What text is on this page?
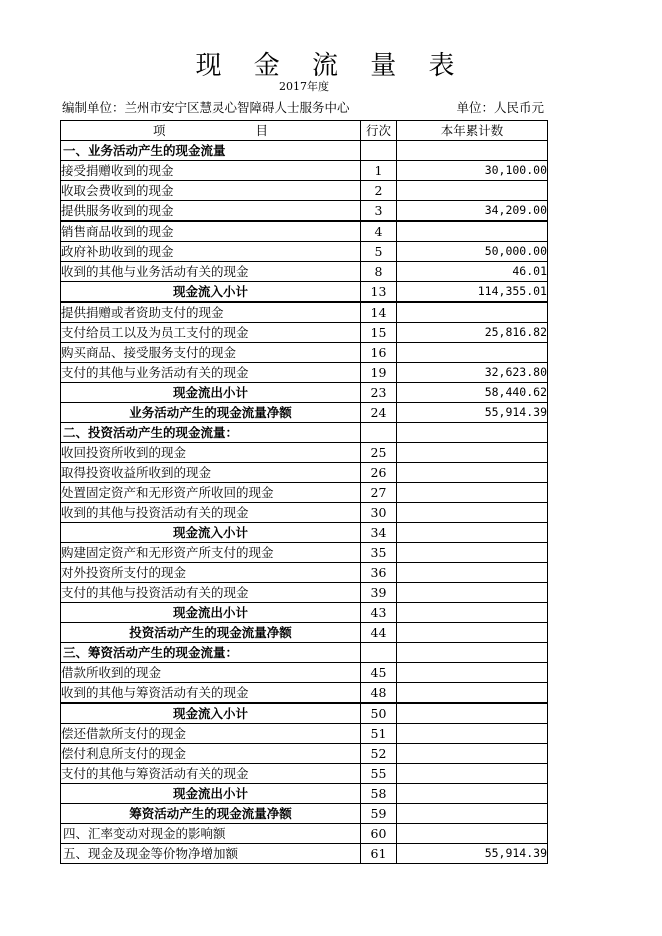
现 金 流 量 表
2017年度
编制单位：兰州市安宁区慧灵心智障碍人士服务中心	单位：人民币元
项 目	行次	本年累计数
一、业务活动产生的现金流量		
接受捐赠收到的现金	1	30,100.00
收取会费收到的现金	2	
提供服务收到的现金	3	34,209.00
销售商品收到的现金	4	
政府补助收到的现金	5	50,000.00
收到的其他与业务活动有关的现金	8	46.01
现金流入小计	13	114,355.01
提供捐赠或者资助支付的现金	14	
支付给员工以及为员工支付的现金	15	25,816.82
购买商品、接受服务支付的现金	16	
支付的其他与业务活动有关的现金	19	32,623.80
现金流出小计	23	58,440.62
业务活动产生的现金流量净额	24	55,914.39
二、投资活动产生的现金流量：		
收回投资所收到的现金	25	
取得投资收益所收到的现金	26	
处置固定资产和无形资产所收回的现金	27	
收到的其他与投资活动有关的现金	30	
现金流入小计	34	
购建固定资产和无形资产所支付的现金	35	
对外投资所支付的现金	36	
支付的其他与投资活动有关的现金	39	
现金流出小计	43	
投资活动产生的现金流量净额	44	
三、筹资活动产生的现金流量：		
借款所收到的现金	45	
收到的其他与筹资活动有关的现金	48	
现金流入小计	50	
偿还借款所支付的现金	51	
偿付利息所支付的现金	52	
支付的其他与筹资活动有关的现金	55	
现金流出小计	58	
筹资活动产生的现金流量净额	59	
四、汇率变动对现金的影响额	60	
五、现金及现金等价物净增加额	61	55,914.39
